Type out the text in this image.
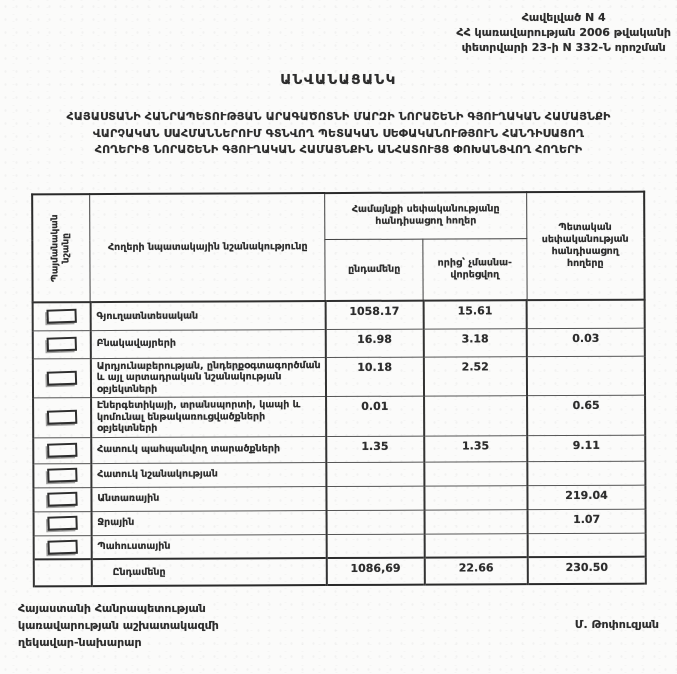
Հավելված N 4
ՀՀ կառավարության 2006 թվականի
փետրվարի 23-ի N 332-Ն որոշման
ԱՆՎԱՆԱՑԱՆԿ
ՀԱՅԱՍՏԱՆԻ ՀԱՆՐԱՊԵՏՈՒԹՅԱՆ ԱՐԱԳԱԾՈՏՆԻ ՄԱՐԶԻ ՆՈՐԱՇԵՆԻ ԳՅՈՒՂԱԿԱՆ ՀԱՄԱՅՆՔԻ
ՎԱՐՉԱԿԱՆ ՍԱՀՄԱՆՆԵՐՈՒՄ ԳՏՆՎՈՂ ՊԵՏԱԿԱՆ ՍԵՓԱԿԱՆՈՒԹՅՈՒՆ ՀԱՆԴԻՍԱՑՈՂ
ՀՈՂԵՐԻՑ ՆՈՐԱՇԵՆԻ ԳՅՈՒՂԱԿԱՆ ՀԱՄԱՅՆՔԻՆ ԱՆՀԱՏՈՒՅՑ ՓՈԽԱՆՑՎՈՂ ՀՈՂԵՐԻ
Պայմանական նշանը	Հողերի նպատակային նշանակությունը	Համայնքի սեփականությանը հանդիսացող հողեր		Պետական սեփականության հանդիսացող հողերը

		ընդամենը	որից՝ չմասնավորեցվող	

	Գյուղատնտեսական	1058.17	15.61	

	Բնակավայրերի	16.98	3.18	0.03

	Արդյունաբերության, ընդերքօգտագործման և այլ արտադրական նշանակության օբյեկտների	10.18	2.52	

	Էներգետիկայի, տրանսպորտի, կապի և կոմունալ ենթակառուցվածքների օբյեկտների	0.01		0.65

	Հատուկ պահպանվող տարածքների	1.35	1.35	9.11

	Հատուկ նշանակության			

	Անտառային			219.04

	Ջրային			1.07

	Պահուստային			
	Ընդամենը	1086,69	22.66	230.50
Հայաստանի Հանրապետության
կառավարության աշխատակազմի
ղեկավար-նախարար
Մ. Թոփուզյան
